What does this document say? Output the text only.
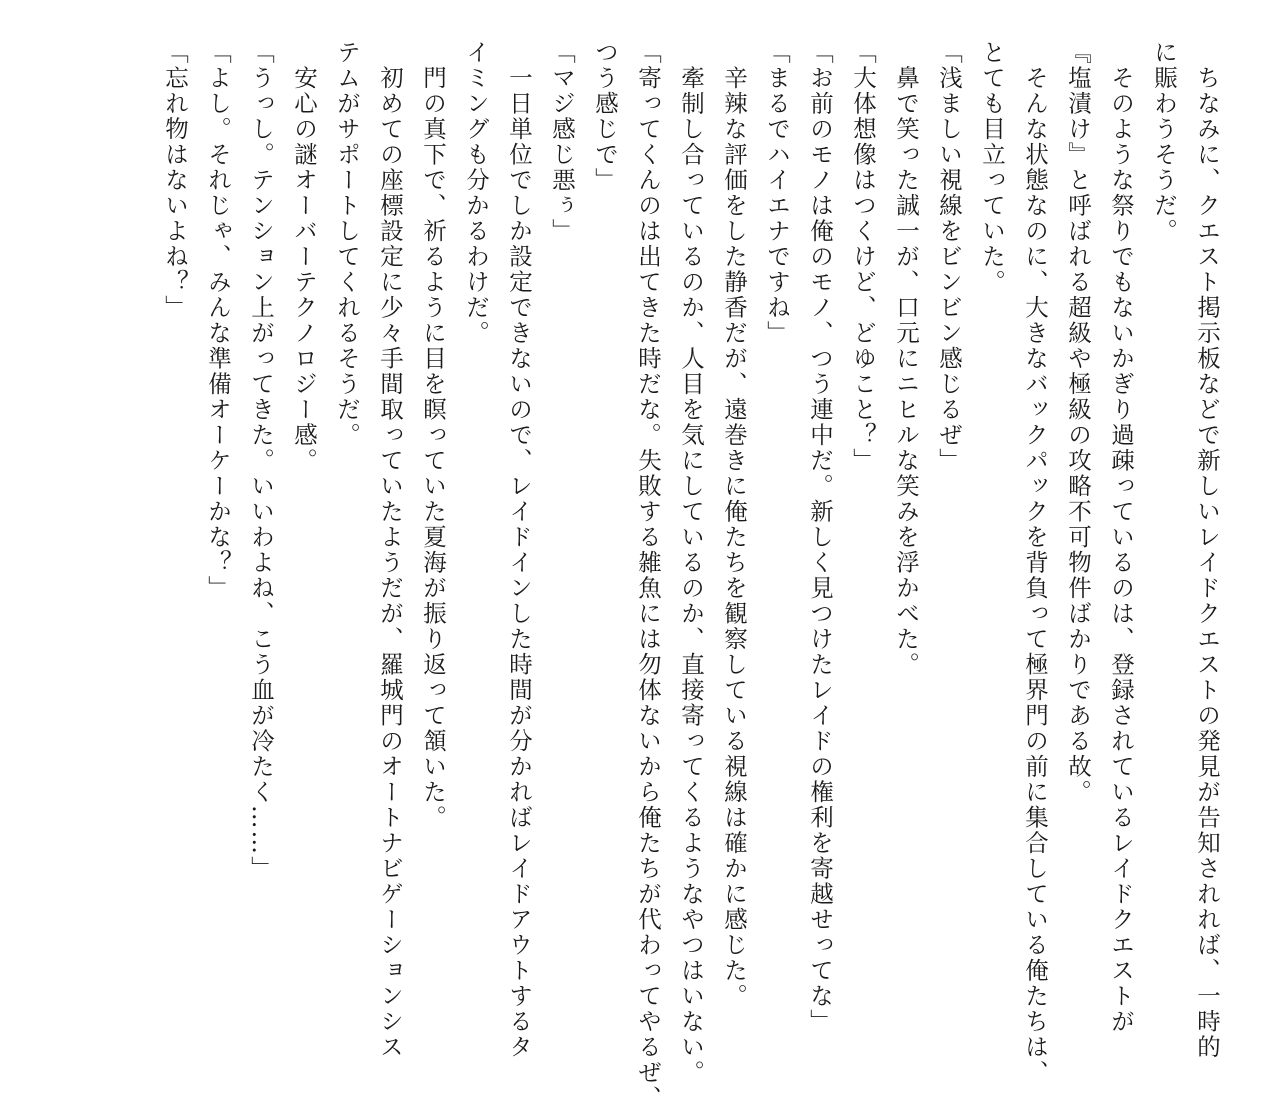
　ちなみに、クエスト掲示板などで新しいレイドクエストの発見が告知されれば、一時的
に賑わうそうだ。
　そのような祭りでもないかぎり過疎っているのは、登録されているレイドクエストが
『塩漬け』と呼ばれる超級や極級の攻略不可物件ばかりである故。
　そんな状態なのに、大きなバックパックを背負って極界門の前に集合している俺たちは、
とても目立っていた。
「浅ましい視線をビンビン感じるぜ」
　鼻で笑った誠一が、口元にニヒルな笑みを浮かべた。
「大体想像はつくけど、どゆこと？」
「お前のモノは俺のモノ、つう連中だ。新しく見つけたレイドの権利を寄越せってな」
「まるでハイエナですね」
　辛辣な評価をした静香だが、遠巻きに俺たちを観察している視線は確かに感じた。
　牽制し合っているのか、人目を気にしているのか、直接寄ってくるようなやつはいない。
「寄ってくんのは出てきた時だな。失敗する雑魚には勿体ないから俺たちが代わってやるぜ、
つう感じで」
「マジ感じ悪ぅ」
　一日単位でしか設定できないので、レイドインした時間が分かればレイドアウトするタ
イミングも分かるわけだ。
　門の真下で、祈るように目を瞑っていた夏海が振り返って頷いた。
　初めての座標設定に少々手間取っていたようだが、羅城門のオートナビゲーションシス
テムがサポートしてくれるそうだ。
　安心の謎オーバーテクノロジー感。
「うっし。テンション上がってきた。いいわよね、こう血が冷たく……」
「よし。それじゃ、みんな準備オーケーかな？」
「忘れ物はないよね？」
